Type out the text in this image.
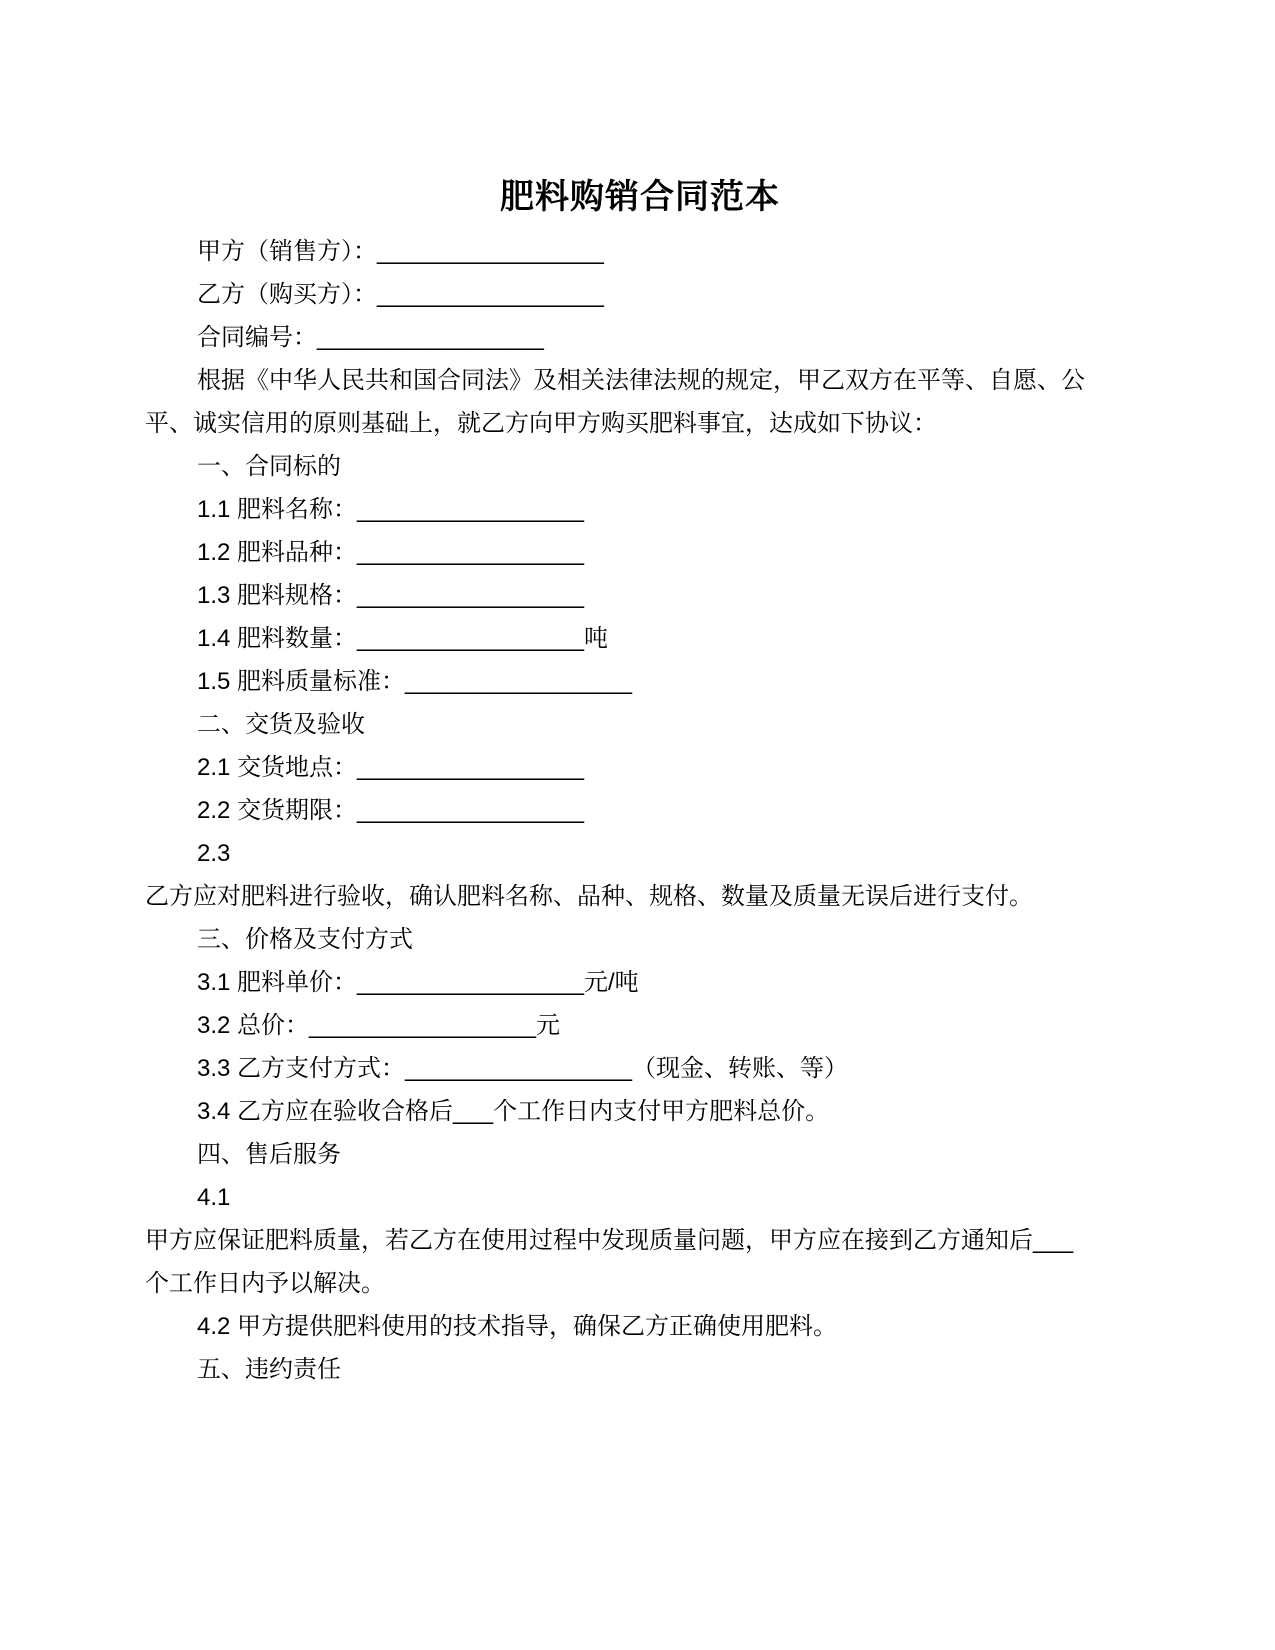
肥料购销合同范本
甲方（销售方）：_________________
乙方（购买方）：_________________
合同编号：_________________
根据《中华人民共和国合同法》及相关法律法规的规定，甲乙双方在平等、自愿、公
平、诚实信用的原则基础上，就乙方向甲方购买肥料事宜，达成如下协议：
一、合同标的
1.1 肥料名称：_________________
1.2 肥料品种：_________________
1.3 肥料规格：_________________
1.4 肥料数量：_________________吨
1.5 肥料质量标准：_________________
二、交货及验收
2.1 交货地点：_________________
2.2 交货期限：_________________
2.3
乙方应对肥料进行验收，确认肥料名称、品种、规格、数量及质量无误后进行支付。
三、价格及支付方式
3.1 肥料单价：_________________元/吨
3.2 总价：_________________元
3.3 乙方支付方式：_________________（现金、转账、等）
3.4 乙方应在验收合格后___个工作日内支付甲方肥料总价。
四、售后服务
4.1
甲方应保证肥料质量，若乙方在使用过程中发现质量问题，甲方应在接到乙方通知后___
个工作日内予以解决。
4.2 甲方提供肥料使用的技术指导，确保乙方正确使用肥料。
五、违约责任
